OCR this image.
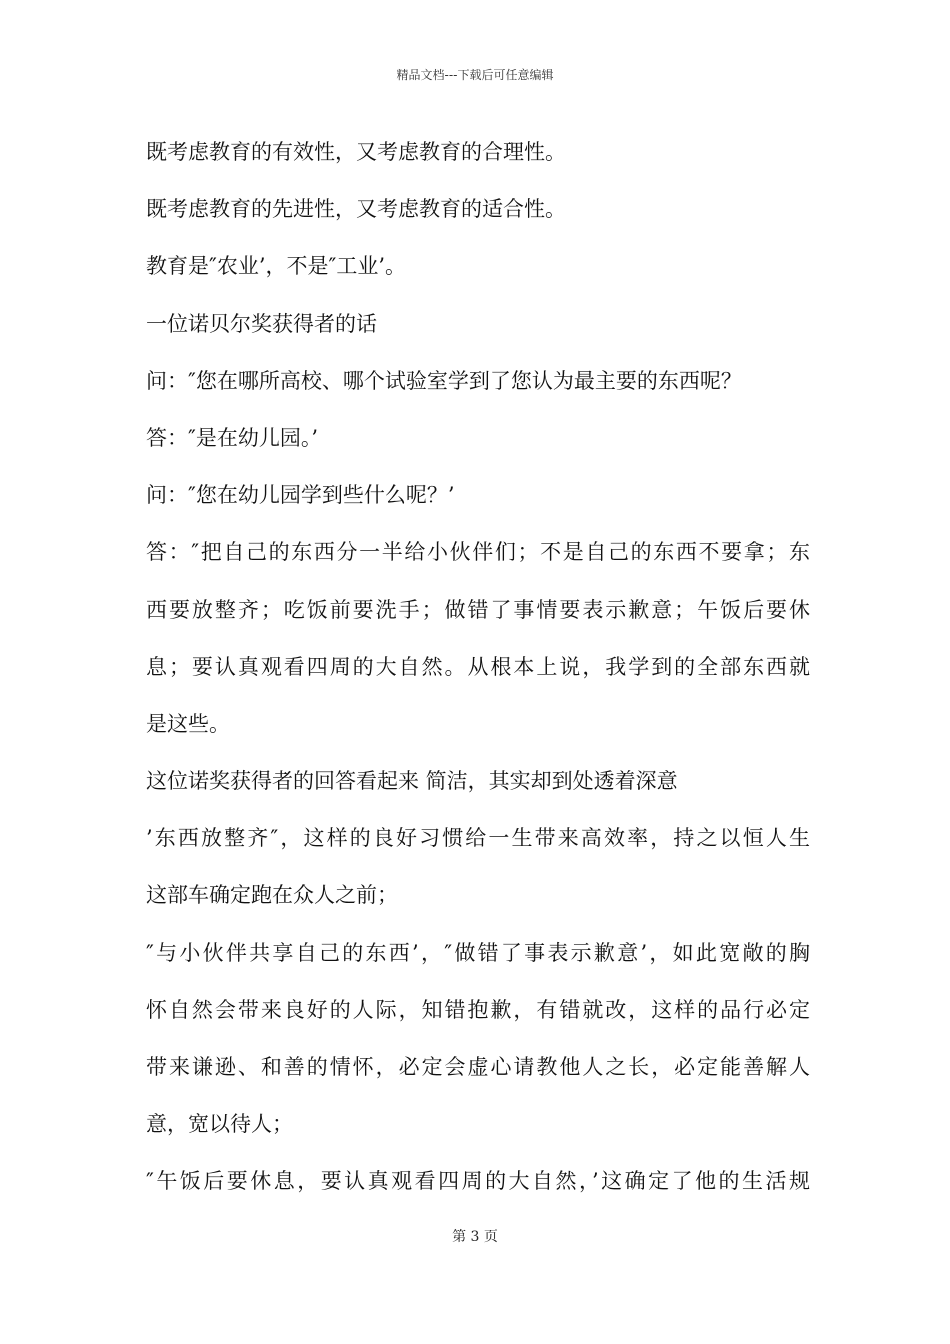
精品文档---下载后可任意编辑
既考虑教育的有效性，又考虑教育的合理性。
既考虑教育的先进性，又考虑教育的适合性。
教育是″农业’，不是″工业’。
一位诺贝尔奖获得者的话
问：″您在哪所高校、哪个试验室学到了您认为最主要的东西呢？
答：″是在幼儿园。’
问：″您在幼儿园学到些什么呢？’
答：″把自己的东西分一半给小伙伴们；不是自己的东西不要拿；东
西要放整齐；吃饭前要洗手；做错了事情要表示歉意；午饭后要休
息；要认真观看四周的大自然。从根本上说，我学到的全部东西就
是这些。
这位诺奖获得者的回答看起来 简洁，其实却到处透着深意
’东西放整齐″，这样的良好习惯给一生带来高效率，持之以恒人生
这部车确定跑在众人之前；
″与小伙伴共享自己的东西’，″做错了事表示歉意’，如此宽敞的胸
怀自然会带来良好的人际，知错抱歉，有错就改，这样的品行必定
带来谦逊、和善的情怀，必定会虚心请教他人之长，必定能善解人
意，宽以待人；
″午饭后要休息，要认真观看四周的大自然，’这确定了他的生活规
第 3 页
